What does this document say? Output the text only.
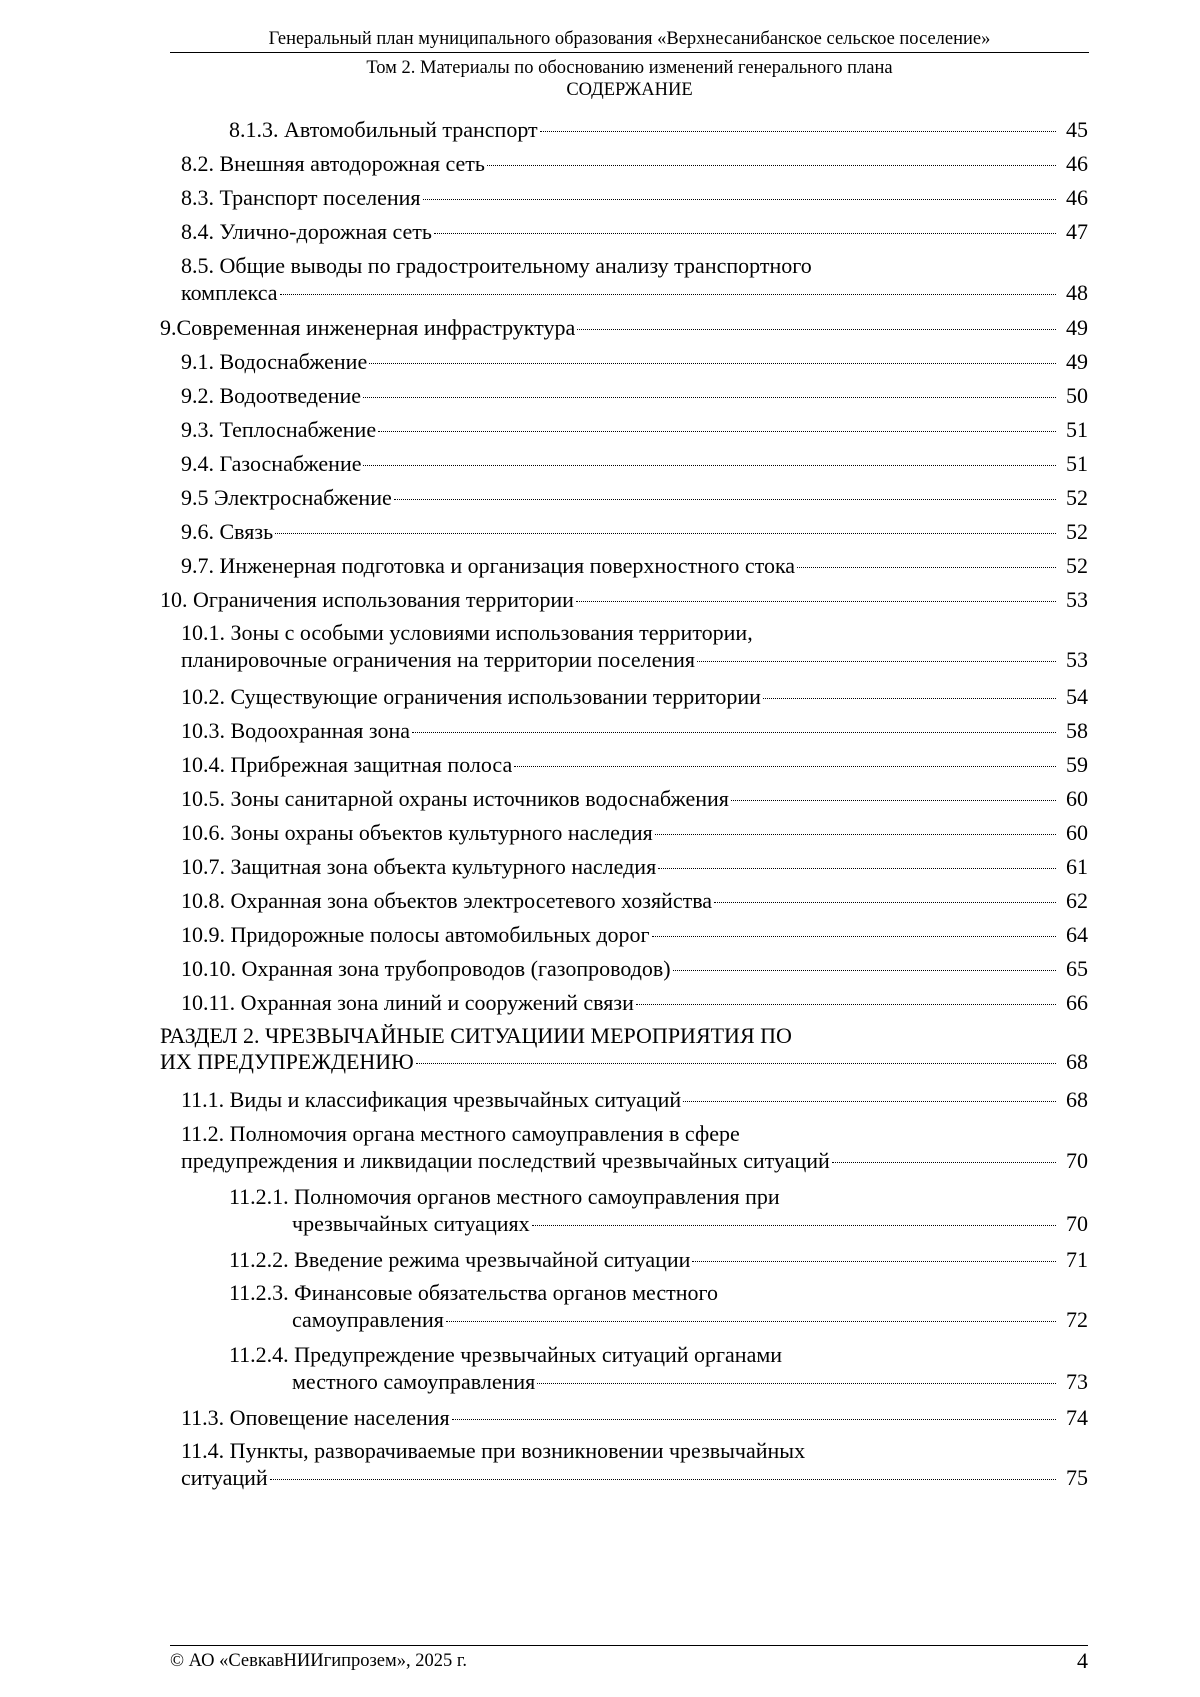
Генеральный план муниципального образования «Верхнесанибанское сельское поселение»
Том 2. Материалы по обоснованию изменений генерального плана
СОДЕРЖАНИЕ
8.1.3. Автомобильный транспорт	45
8.2. Внешняя автодорожная сеть	46
8.3. Транспорт поселения	46
8.4. Улично-дорожная сеть	47
8.5. Общие выводы по градостроительному анализу транспортного
комплекса	48
9.Современная инженерная инфраструктура	49
9.1. Водоснабжение	49
9.2. Водоотведение	50
9.3. Теплоснабжение	51
9.4. Газоснабжение	51
9.5 Электроснабжение	52
9.6. Связь	52
9.7. Инженерная подготовка и организация поверхностного стока	52
10. Ограничения использования территории	53
10.1. Зоны с особыми условиями использования территории,
планировочные ограничения на территории поселения	53
10.2. Существующие ограничения использовании территории	54
10.3. Водоохранная зона	58
10.4. Прибрежная защитная полоса	59
10.5. Зоны санитарной охраны источников водоснабжения	60
10.6. Зоны охраны объектов культурного наследия	60
10.7. Защитная зона объекта культурного наследия	61
10.8. Охранная зона объектов электросетевого хозяйства	62
10.9. Придорожные полосы автомобильных дорог	64
10.10. Охранная зона трубопроводов (газопроводов)	65
10.11. Охранная зона линий и сооружений связи	66
РАЗДЕЛ 2. ЧРЕЗВЫЧАЙНЫЕ СИТУАЦИИИ МЕРОПРИЯТИЯ ПО
ИХ ПРЕДУПРЕЖДЕНИЮ	68
11.1. Виды и классификация чрезвычайных ситуаций	68
11.2. Полномочия органа местного самоуправления в сфере
предупреждения и ликвидации последствий чрезвычайных ситуаций	70
11.2.1. Полномочия органов местного самоуправления при
чрезвычайных ситуациях	70
11.2.2. Введение режима чрезвычайной ситуации	71
11.2.3. Финансовые обязательства органов местного
самоуправления	72
11.2.4. Предупреждение чрезвычайных ситуаций органами
местного самоуправления	73
11.3. Оповещение населения	74
11.4. Пункты, разворачиваемые при возникновении чрезвычайных
ситуаций	75
© АО «СевкавНИИгипрозем», 2025 г.	4
